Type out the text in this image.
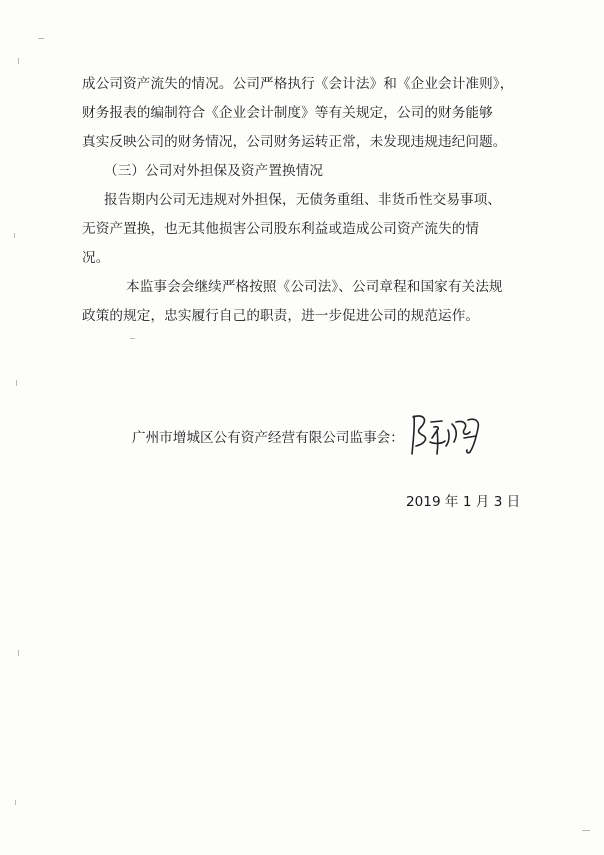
成公司资产流失的情况。公司严格执行《会计法》和《企业会计准则》，
财务报表的编制符合《企业会计制度》等有关规定，公司的财务能够
真实反映公司的财务情况，公司财务运转正常，未发现违规违纪问题。
（三）公司对外担保及资产置换情况
报告期内公司无违规对外担保，无债务重组、非货币性交易事项、
无资产置换，也无其他损害公司股东利益或造成公司资产流失的情
况。
本监事会会继续严格按照《公司法》、公司章程和国家有关法规
政策的规定，忠实履行自己的职责，进一步促进公司的规范运作。
广州市增城区公有资产经营有限公司监事会：
2019 年 1 月 3 日
